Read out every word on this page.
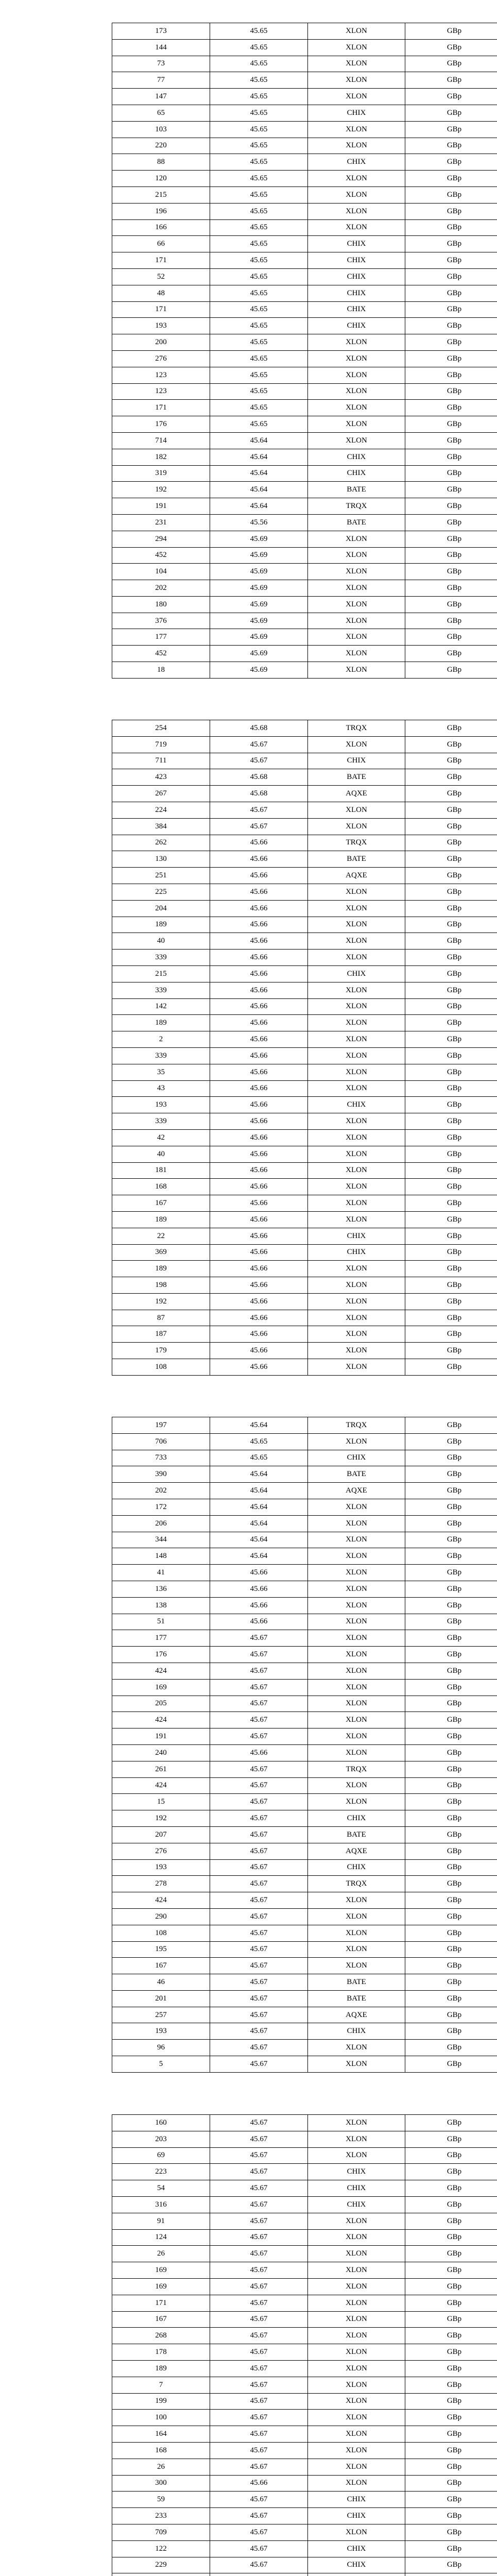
173	45.65	XLON	GBp
144	45.65	XLON	GBp
73	45.65	XLON	GBp
77	45.65	XLON	GBp
147	45.65	XLON	GBp
65	45.65	CHIX	GBp
103	45.65	XLON	GBp
220	45.65	XLON	GBp
88	45.65	CHIX	GBp
120	45.65	XLON	GBp
215	45.65	XLON	GBp
196	45.65	XLON	GBp
166	45.65	XLON	GBp
66	45.65	CHIX	GBp
171	45.65	CHIX	GBp
52	45.65	CHIX	GBp
48	45.65	CHIX	GBp
171	45.65	CHIX	GBp
193	45.65	CHIX	GBp
200	45.65	XLON	GBp
276	45.65	XLON	GBp
123	45.65	XLON	GBp
123	45.65	XLON	GBp
171	45.65	XLON	GBp
176	45.65	XLON	GBp
714	45.64	XLON	GBp
182	45.64	CHIX	GBp
319	45.64	CHIX	GBp
192	45.64	BATE	GBp
191	45.64	TRQX	GBp
231	45.56	BATE	GBp
294	45.69	XLON	GBp
452	45.69	XLON	GBp
104	45.69	XLON	GBp
202	45.69	XLON	GBp
180	45.69	XLON	GBp
376	45.69	XLON	GBp
177	45.69	XLON	GBp
452	45.69	XLON	GBp
18	45.69	XLON	GBp
254	45.68	TRQX	GBp
719	45.67	XLON	GBp
711	45.67	CHIX	GBp
423	45.68	BATE	GBp
267	45.68	AQXE	GBp
224	45.67	XLON	GBp
384	45.67	XLON	GBp
262	45.66	TRQX	GBp
130	45.66	BATE	GBp
251	45.66	AQXE	GBp
225	45.66	XLON	GBp
204	45.66	XLON	GBp
189	45.66	XLON	GBp
40	45.66	XLON	GBp
339	45.66	XLON	GBp
215	45.66	CHIX	GBp
339	45.66	XLON	GBp
142	45.66	XLON	GBp
189	45.66	XLON	GBp
2	45.66	XLON	GBp
339	45.66	XLON	GBp
35	45.66	XLON	GBp
43	45.66	XLON	GBp
193	45.66	CHIX	GBp
339	45.66	XLON	GBp
42	45.66	XLON	GBp
40	45.66	XLON	GBp
181	45.66	XLON	GBp
168	45.66	XLON	GBp
167	45.66	XLON	GBp
189	45.66	XLON	GBp
22	45.66	CHIX	GBp
369	45.66	CHIX	GBp
189	45.66	XLON	GBp
198	45.66	XLON	GBp
192	45.66	XLON	GBp
87	45.66	XLON	GBp
187	45.66	XLON	GBp
179	45.66	XLON	GBp
108	45.66	XLON	GBp
197	45.64	TRQX	GBp
706	45.65	XLON	GBp
733	45.65	CHIX	GBp
390	45.64	BATE	GBp
202	45.64	AQXE	GBp
172	45.64	XLON	GBp
206	45.64	XLON	GBp
344	45.64	XLON	GBp
148	45.64	XLON	GBp
41	45.66	XLON	GBp
136	45.66	XLON	GBp
138	45.66	XLON	GBp
51	45.66	XLON	GBp
177	45.67	XLON	GBp
176	45.67	XLON	GBp
424	45.67	XLON	GBp
169	45.67	XLON	GBp
205	45.67	XLON	GBp
424	45.67	XLON	GBp
191	45.67	XLON	GBp
240	45.66	XLON	GBp
261	45.67	TRQX	GBp
424	45.67	XLON	GBp
15	45.67	XLON	GBp
192	45.67	CHIX	GBp
207	45.67	BATE	GBp
276	45.67	AQXE	GBp
193	45.67	CHIX	GBp
278	45.67	TRQX	GBp
424	45.67	XLON	GBp
290	45.67	XLON	GBp
108	45.67	XLON	GBp
195	45.67	XLON	GBp
167	45.67	XLON	GBp
46	45.67	BATE	GBp
201	45.67	BATE	GBp
257	45.67	AQXE	GBp
193	45.67	CHIX	GBp
96	45.67	XLON	GBp
5	45.67	XLON	GBp
160	45.67	XLON	GBp
203	45.67	XLON	GBp
69	45.67	XLON	GBp
223	45.67	CHIX	GBp
54	45.67	CHIX	GBp
316	45.67	CHIX	GBp
91	45.67	XLON	GBp
124	45.67	XLON	GBp
26	45.67	XLON	GBp
169	45.67	XLON	GBp
169	45.67	XLON	GBp
171	45.67	XLON	GBp
167	45.67	XLON	GBp
268	45.67	XLON	GBp
178	45.67	XLON	GBp
189	45.67	XLON	GBp
7	45.67	XLON	GBp
199	45.67	XLON	GBp
100	45.67	XLON	GBp
164	45.67	XLON	GBp
168	45.67	XLON	GBp
26	45.67	XLON	GBp
300	45.66	XLON	GBp
59	45.67	CHIX	GBp
233	45.67	CHIX	GBp
709	45.67	XLON	GBp
122	45.67	CHIX	GBp
229	45.67	CHIX	GBp
